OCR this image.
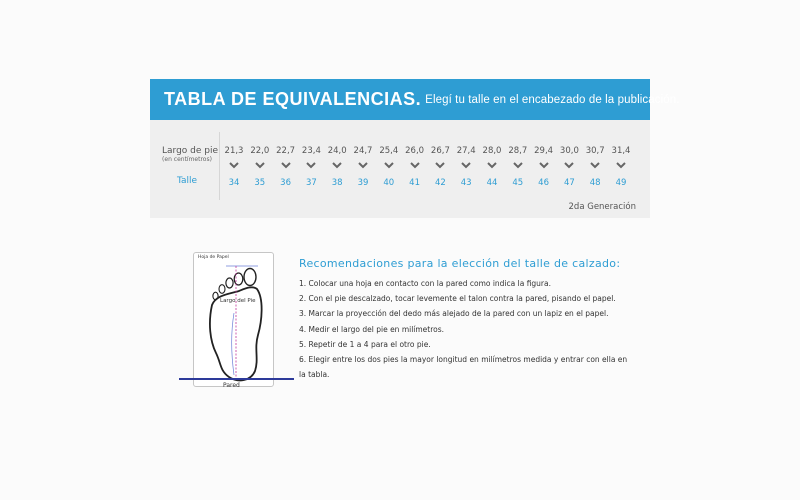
TABLA DE EQUIVALENCIAS. Elegí tu talle en el encabezado de la publicación.
Largo de pie
(en centímetros)
Talle
21,3
34
22,0
35
22,7
36
23,4
37
24,0
38
24,7
39
25,4
40
26,0
41
26,7
42
27,4
43
28,0
44
28,7
45
29,4
46
30,0
47
30,7
48
31,4
49
2da Generación
Hoja de Papel
Largo del Pie
Pared
Recomendaciones para la elección del talle de calzado:
1. Colocar una hoja en contacto con la pared como indica la figura.
2. Con el pie descalzado, tocar levemente el talon contra la pared, pisando el papel.
3. Marcar la proyección del dedo más alejado de la pared con un lapiz en el papel.
4. Medir el largo del pie en milímetros.
5. Repetir de 1 a 4 para el otro pie.
6. Elegir entre los dos pies la mayor longitud en milímetros medida y entrar con ella en
la tabla.
